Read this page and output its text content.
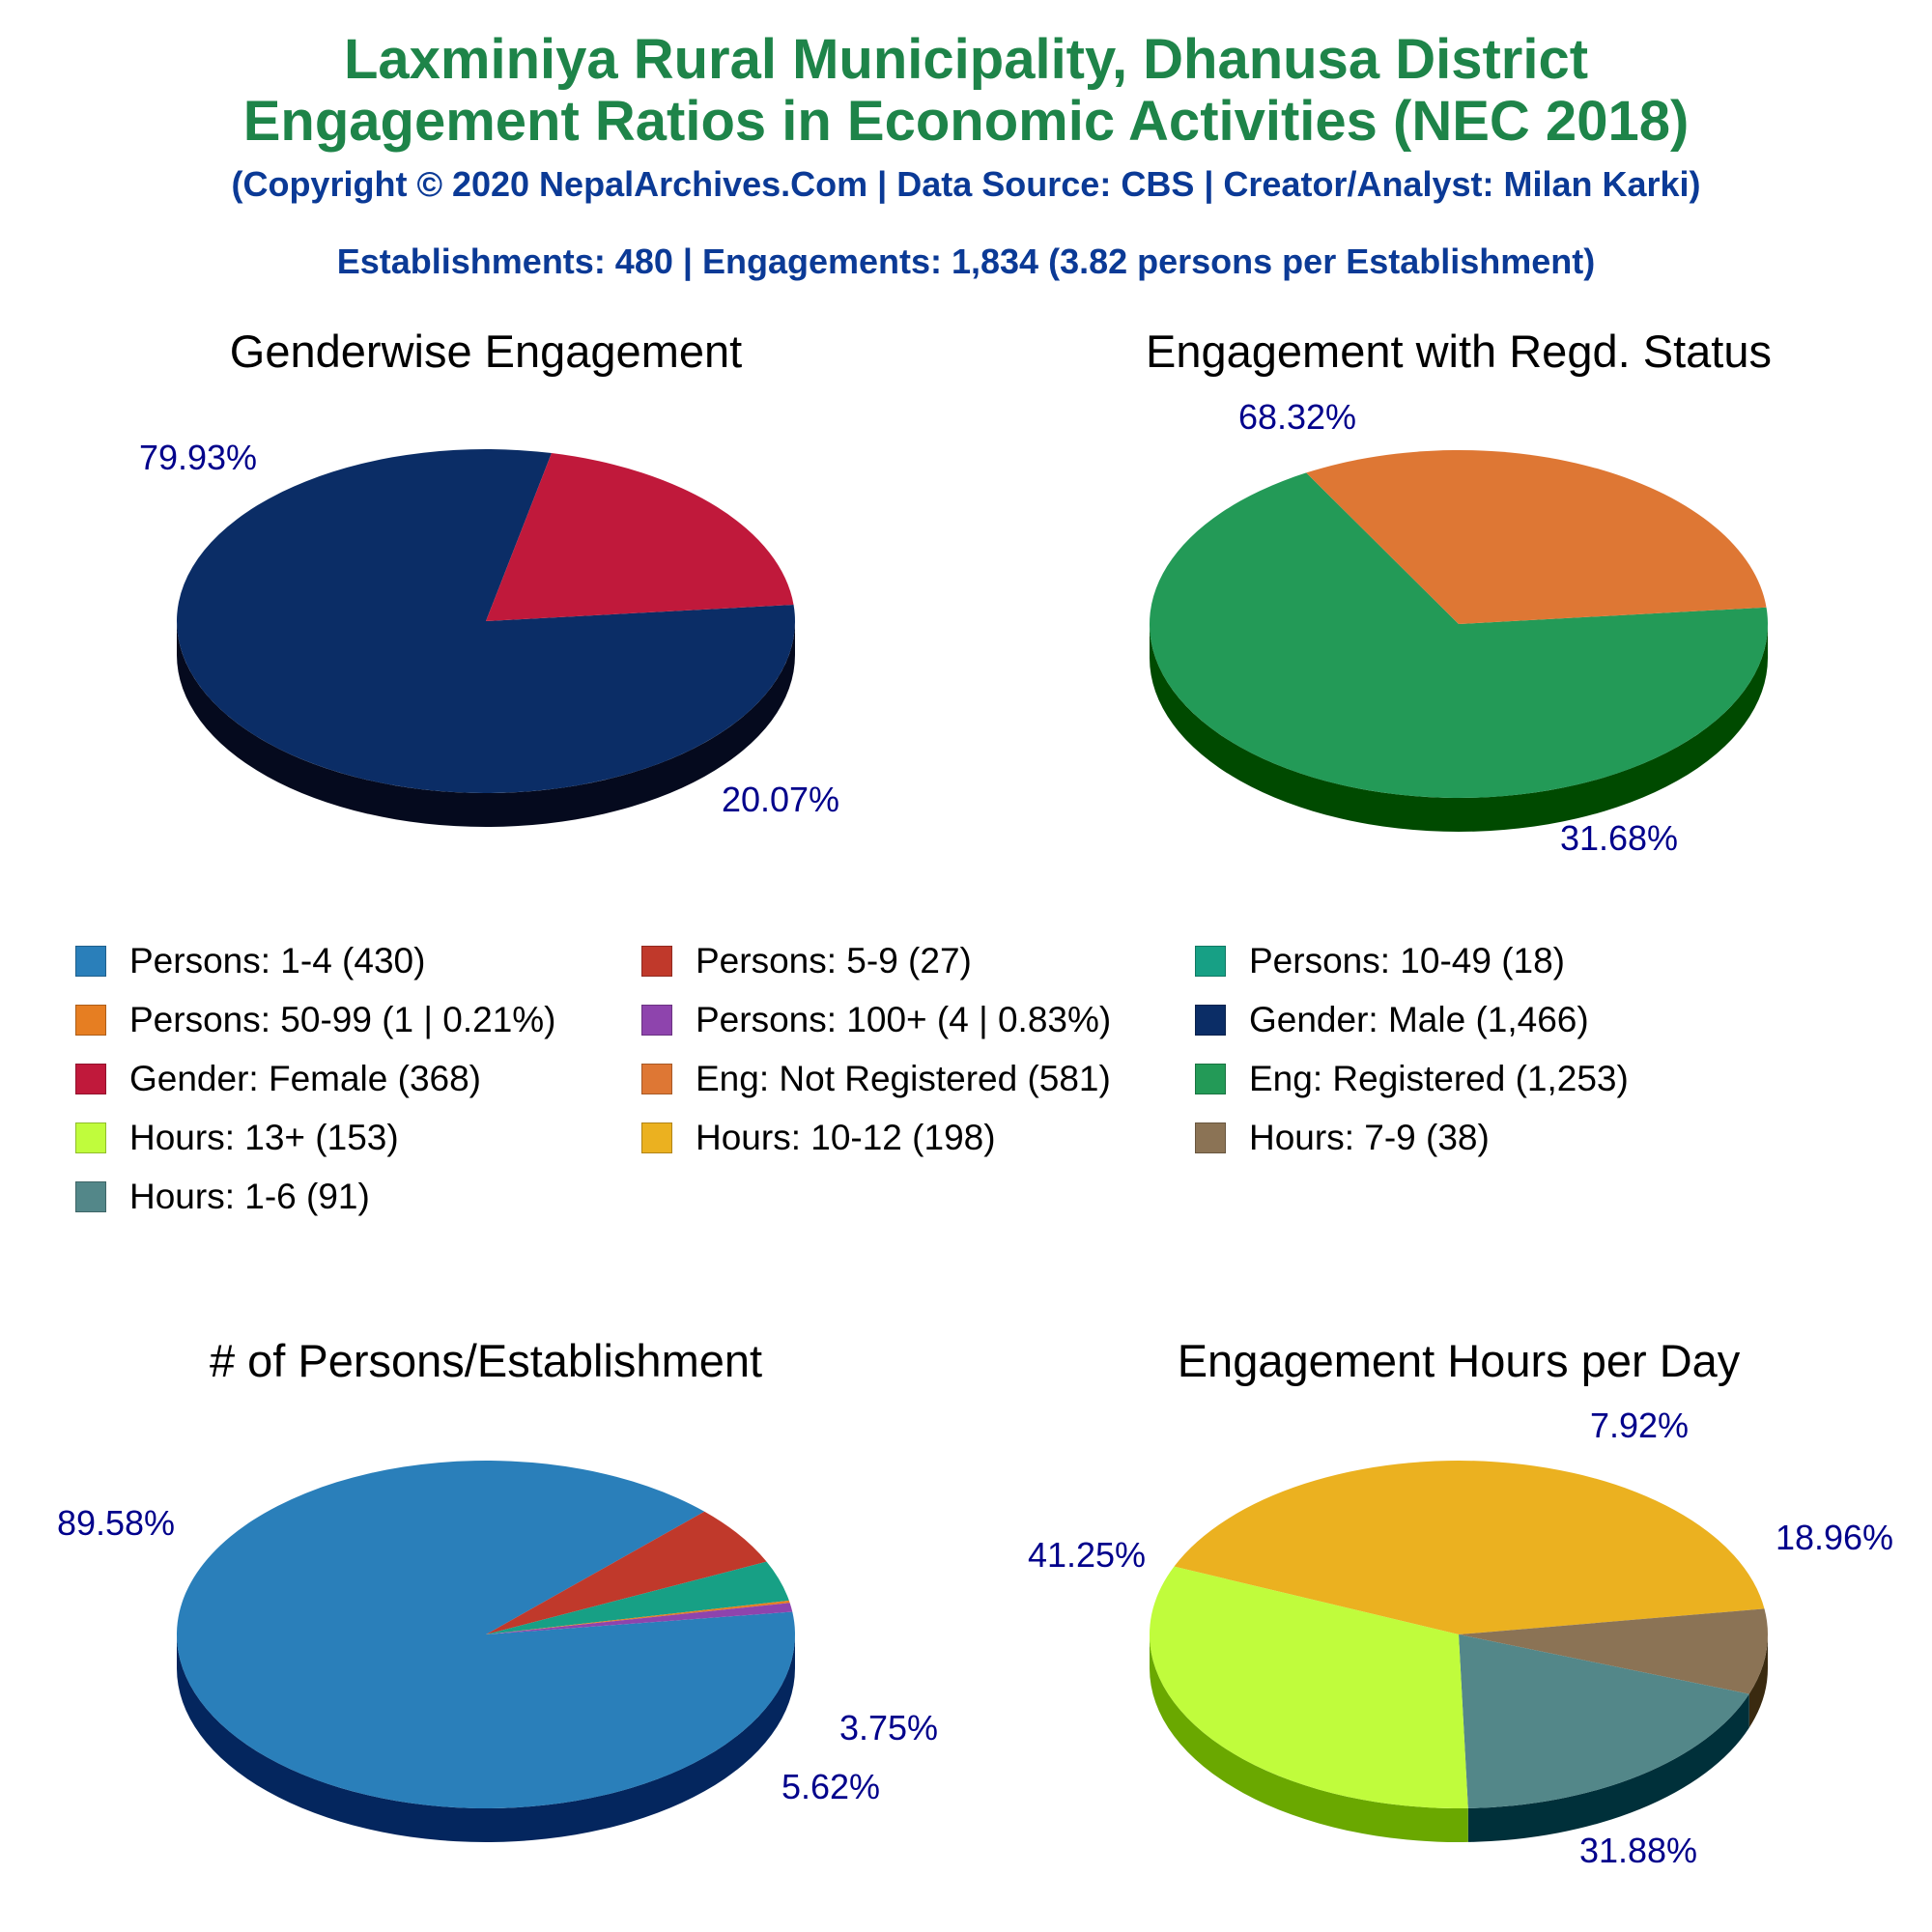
Laxminiya Rural Municipality, Dhanusa District
Engagement Ratios in Economic Activities (NEC 2018)
(Copyright © 2020 NepalArchives.Com | Data Source: CBS | Creator/Analyst: Milan Karki)
Establishments: 480 | Engagements: 1,834 (3.82 persons per Establishment)
Genderwise Engagement
79.93%
20.07%
Engagement with Regd. Status
68.32%
31.68%
# of Persons/Establishment
89.58%
5.62%
3.75%
Engagement Hours per Day
41.25%
7.92%
18.96%
31.88%
Persons: 1-4 (430)	Persons: 5-9 (27)	Persons: 10-49 (18)
Persons: 50-99 (1 | 0.21%)	Persons: 100+ (4 | 0.83%)	Gender: Male (1,466)
Gender: Female (368)	Eng: Not Registered (581)	Eng: Registered (1,253)
Hours: 13+ (153)	Hours: 10-12 (198)	Hours: 7-9 (38)
Hours: 1-6 (91)
